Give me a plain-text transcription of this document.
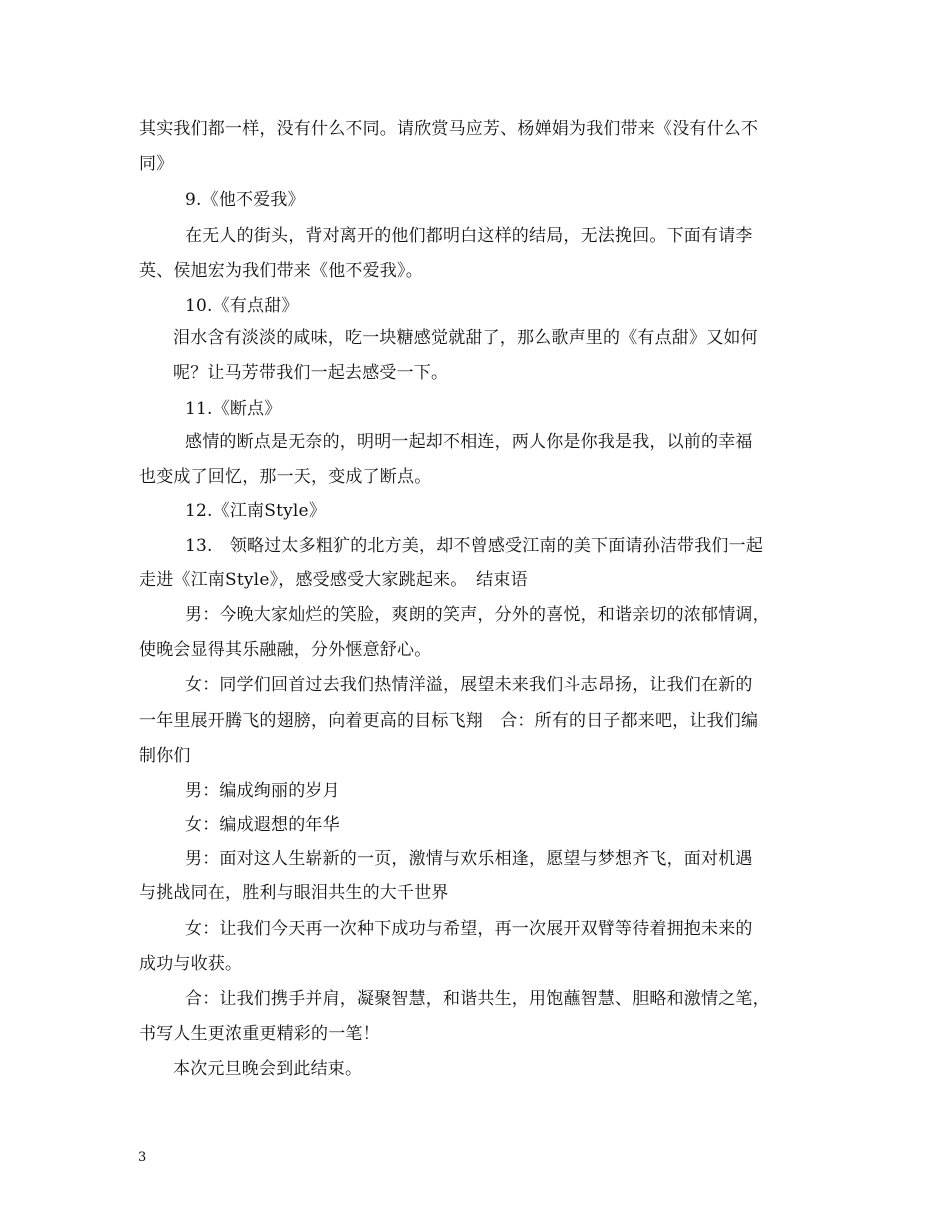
其实我们都一样，没有什么不同。请欣赏马应芳、杨婵娟为我们带来《没有什么不
同》
9.《他不爱我》
在无人的街头，背对离开的他们都明白这样的结局，无法挽回。下面有请李
英、侯旭宏为我们带来《他不爱我》。
10.《有点甜》
泪水含有淡淡的咸味，吃一块糖感觉就甜了，那么歌声里的《有点甜》又如何
呢？让马芳带我们一起去感受一下。
11.《断点》
感情的断点是无奈的，明明一起却不相连，两人你是你我是我，以前的幸福
也变成了回忆，那一天，变成了断点。
12.《江南Style》
13.　领略过太多粗犷的北方美，却不曾感受江南的美下面请孙洁带我们一起
走进《江南Style》，感受感受大家跳起来。　结束语
男：今晚大家灿烂的笑脸，爽朗的笑声，分外的喜悦，和谐亲切的浓郁情调，
使晚会显得其乐融融，分外惬意舒心。
女：同学们回首过去我们热情洋溢，展望未来我们斗志昂扬，让我们在新的
一年里展开腾飞的翅膀，向着更高的目标飞翔　合：所有的日子都来吧，让我们编
制你们
男：编成绚丽的岁月
女：编成遐想的年华
男：面对这人生崭新的一页，激情与欢乐相逢，愿望与梦想齐飞，面对机遇
与挑战同在，胜利与眼泪共生的大千世界
女：让我们今天再一次种下成功与希望，再一次展开双臂等待着拥抱未来的
成功与收获。
合：让我们携手并肩，凝聚智慧，和谐共生，用饱蘸智慧、胆略和激情之笔，
书写人生更浓重更精彩的一笔！
本次元旦晚会到此结束。
3
